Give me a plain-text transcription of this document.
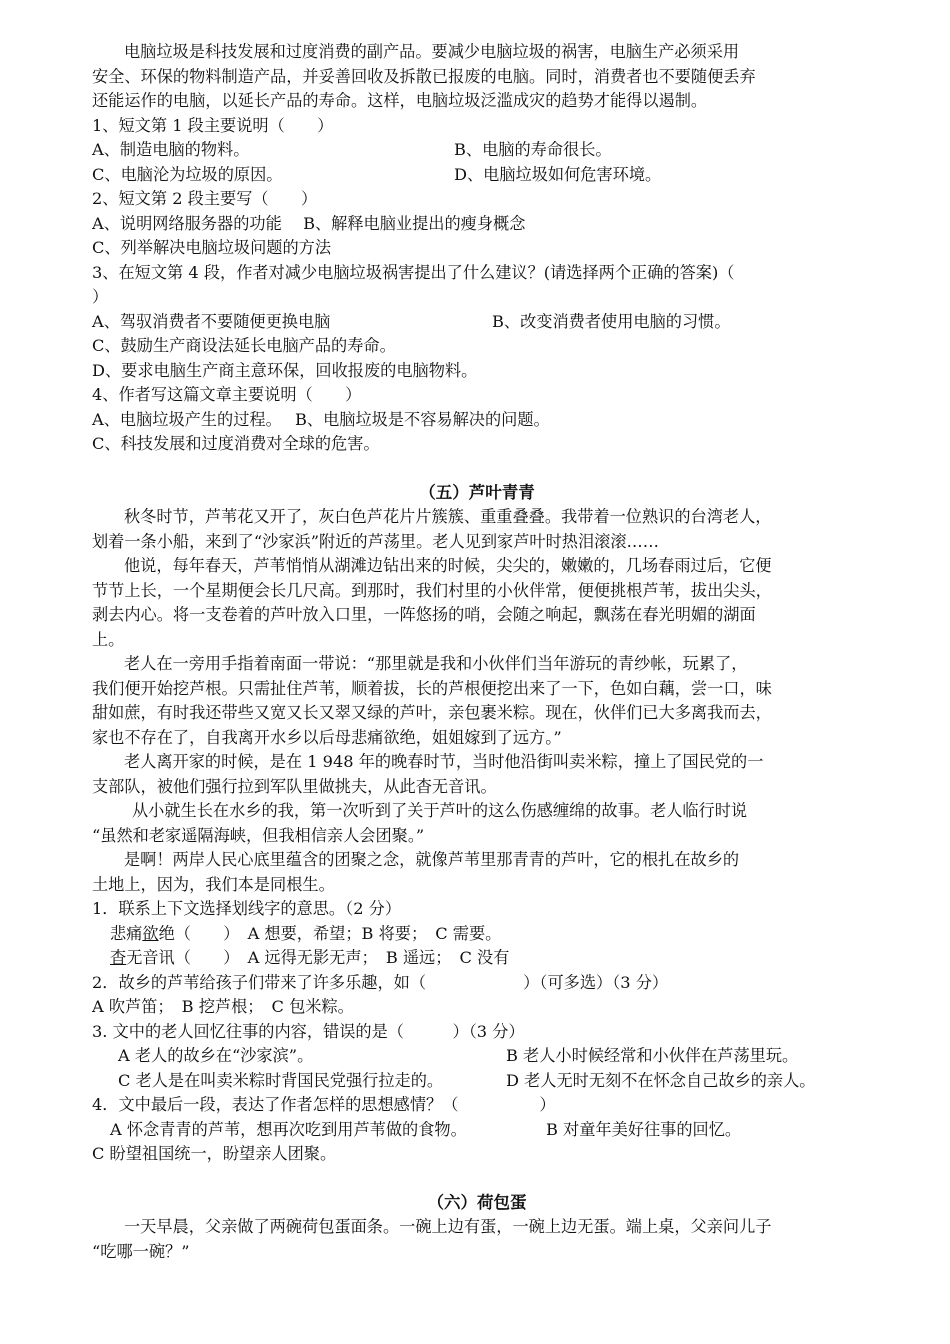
电脑垃圾是科技发展和过度消费的副产品。要减少电脑垃圾的祸害，电脑生产必须采用
安全、环保的物料制造产品，并妥善回收及拆散已报废的电脑。同时，消费者也不要随便丢弃
还能运作的电脑，以延长产品的寿命。这样，电脑垃圾泛滥成灾的趋势才能得以遏制。
1、短文第 1 段主要说明（　　）
A、制造电脑的物料。	B、电脑的寿命很长。
C、电脑沦为垃圾的原因。	D、电脑垃圾如何危害环境。
2、短文第 2 段主要写（　　）
A、说明网络服务器的功能　 B、解释电脑业提出的瘦身概念
C、列举解决电脑垃圾问题的方法
3、在短文第 4 段，作者对减少电脑垃圾祸害提出了什么建议？(请选择两个正确的答案)（
）
A、驾驭消费者不要随便更换电脑	B、改变消费者使用电脑的习惯。
C、鼓励生产商设法延长电脑产品的寿命。
D、要求电脑生产商主意环保，回收报废的电脑物料。
4、作者写这篇文章主要说明（　　）
A、电脑垃圾产生的过程。　 B、电脑垃圾是不容易解决的问题。
C、科技发展和过度消费对全球的危害。
（五）芦叶青青
秋冬时节，芦苇花又开了，灰白色芦花片片簇簇、重重叠叠。我带着一位熟识的台湾老人，
划着一条小船，来到了“沙家浜”附近的芦荡里。老人见到家芦叶时热泪滚滚……
他说，每年春天，芦苇悄悄从湖滩边钻出来的时候，尖尖的，嫩嫩的，几场春雨过后，它便
节节上长，一个星期便会长几尺高。到那时，我们村里的小伙伴常，便便挑根芦苇，拔出尖头，
剥去内心。将一支卷着的芦叶放入口里，一阵悠扬的哨，会随之响起，飘荡在春光明媚的湖面
上。
老人在一旁用手指着南面一带说：“那里就是我和小伙伴们当年游玩的青纱帐，玩累了，
我们便开始挖芦根。只需扯住芦苇，顺着拔，长的芦根便挖出来了一下，色如白藕，尝一口，味
甜如蔗，有时我还带些又宽又长又翠又绿的芦叶，亲包裹米粽。现在，伙伴们已大多离我而去，
家也不存在了，自我离开水乡以后母悲痛欲绝，姐姐嫁到了远方。”
老人离开家的时候，是在 1 948 年的晚春时节，当时他沿街叫卖米粽，撞上了国民党的一
支部队，被他们强行拉到军队里做挑夫，从此杳无音讯。
从小就生长在水乡的我，第一次听到了关于芦叶的这么伤感缠绵的故事。老人临行时说
“虽然和老家遥隔海峡，但我相信亲人会团聚。”
是啊！两岸人民心底里蕴含的团聚之念，就像芦苇里那青青的芦叶，它的根扎在故乡的
土地上，因为，我们本是同根生。
1．联系上下文选择划线字的意思。（2 分）
悲痛欲绝（　　）　A 想要，希望；B 将要；　C 需要。
杳无音讯（　　）　A 远得无影无声；　B 遥远；　C 没有
2．故乡的芦苇给孩子们带来了许多乐趣，如（　　　　　　）（可多选）（3 分）
A 吹芦笛；　B 挖芦根；　C 包米粽。
3. 文中的老人回忆往事的内容，错误的是（　　　）（3 分）
A 老人的故乡在“沙家滨”。	B 老人小时候经常和小伙伴在芦荡里玩。
C 老人是在叫卖米粽时背国民党强行拉走的。	D 老人无时无刻不在怀念自己故乡的亲人。
4．文中最后一段，表达了作者怎样的思想感情？（　　　　　）
A 怀念青青的芦苇，想再次吃到用芦苇做的食物。	B 对童年美好往事的回忆。
C 盼望祖国统一，盼望亲人团聚。
（六）荷包蛋
一天早晨，父亲做了两碗荷包蛋面条。一碗上边有蛋，一碗上边无蛋。端上桌，父亲问儿子
“吃哪一碗？”
